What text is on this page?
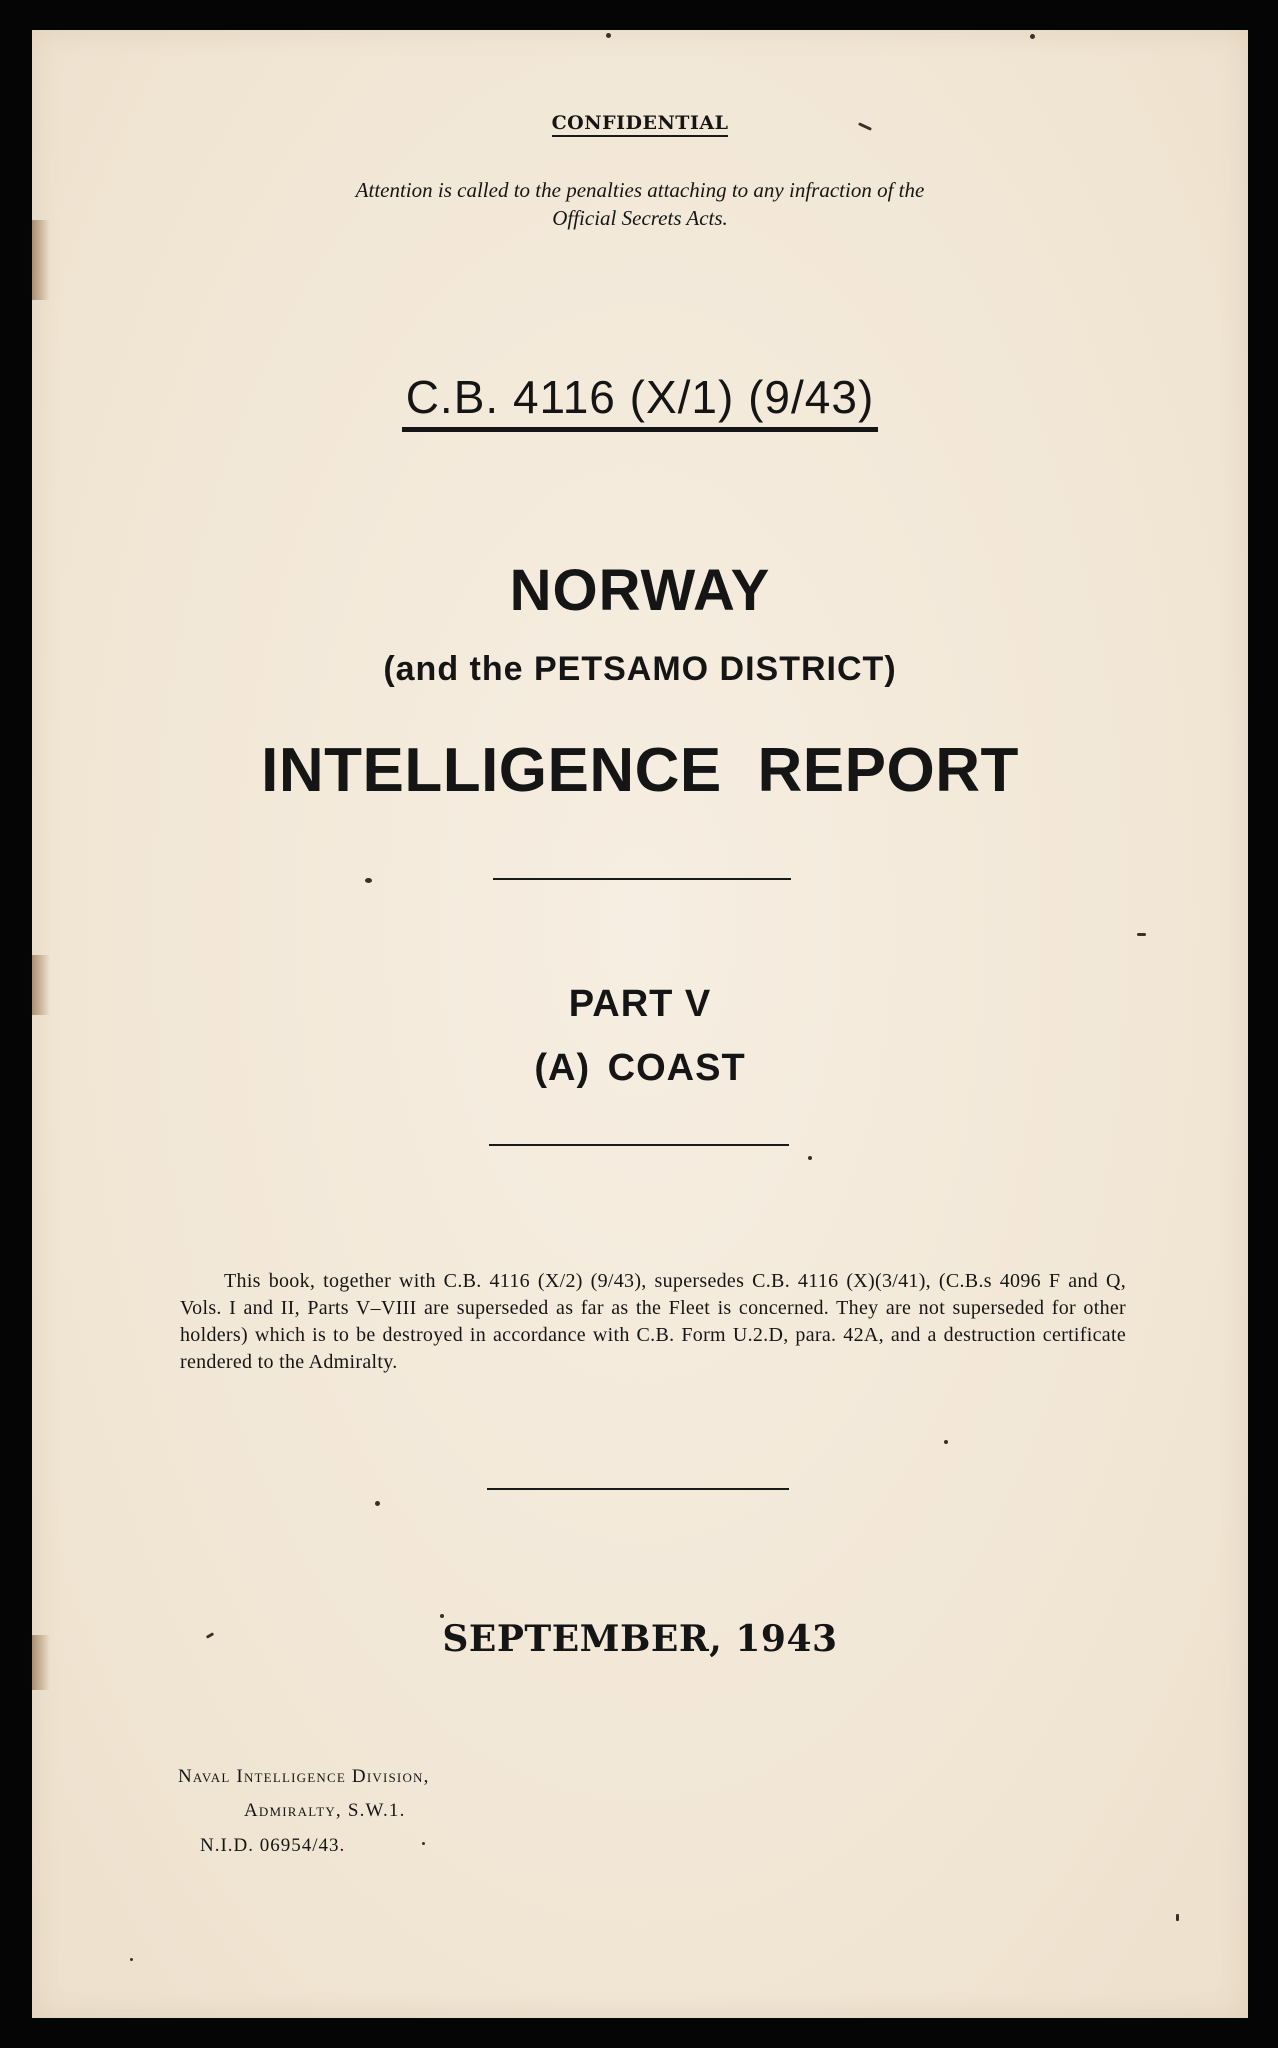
CONFIDENTIAL
Attention is called to the penalties attaching to any infraction of the
Official Secrets Acts.
C.B. 4116 (X/1) (9/43)
NORWAY
(and the PETSAMO DISTRICT)
INTELLIGENCE REPORT
PART V
(A) COAST
This book, together with C.B. 4116 (X/2) (9/43), supersedes C.B. 4116 (X)(3/41), (C.B.s 4096 F and Q, Vols. I and II, Parts V–VIII are superseded as far as the Fleet is concerned. They are not superseded for other holders) which is to be destroyed in accordance with C.B. Form U.2.D, para. 42A, and a destruction certificate rendered to the Admiralty.
SEPTEMBER, 1943
Naval Intelligence Division,
Admiralty, S.W.1.
N.I.D. 06954/43.
